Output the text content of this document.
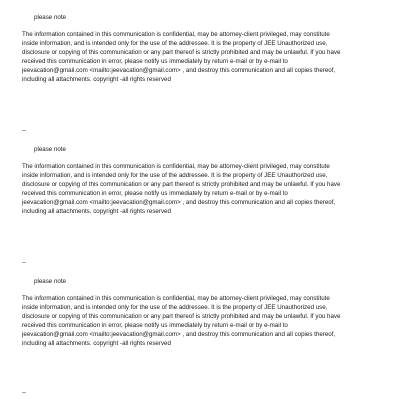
please note
The information contained in this communication is confidential, may be attorney-client privileged, may constitute
inside information, and is intended only for the use of the addressee. It is the property of JEE Unauthorized use,
disclosure or copying of this communication or any part thereof is strictly prohibited and may be unlawful. If you have
received this communication in error, please notify us immediately by return e-mail or by e-mail to
jeevacation@gmail.com <mailto:jeevacation@gmail.com> , and destroy this communication and all copies thereof,
including all attachments. copyright -all rights reserved
--
please note
The information contained in this communication is confidential, may be attorney-client privileged, may constitute
inside information, and is intended only for the use of the addressee. It is the property of JEE Unauthorized use,
disclosure or copying of this communication or any part thereof is strictly prohibited and may be unlawful. If you have
received this communication in error, please notify us immediately by return e-mail or by e-mail to
jeevacation@gmail.com <mailto:jeevacation@gmail.com> , and destroy this communication and all copies thereof,
including all attachments. copyright -all rights reserved
--
please note
The information contained in this communication is confidential, may be attorney-client privileged, may constitute
inside information, and is intended only for the use of the addressee. It is the property of JEE Unauthorized use,
disclosure or copying of this communication or any part thereof is strictly prohibited and may be unlawful. If you have
received this communication in error, please notify us immediately by return e-mail or by e-mail to
jeevacation@gmail.com <mailto:jeevacation@gmail.com> , and destroy this communication and all copies thereof,
including all attachments. copyright -all rights reserved
--
